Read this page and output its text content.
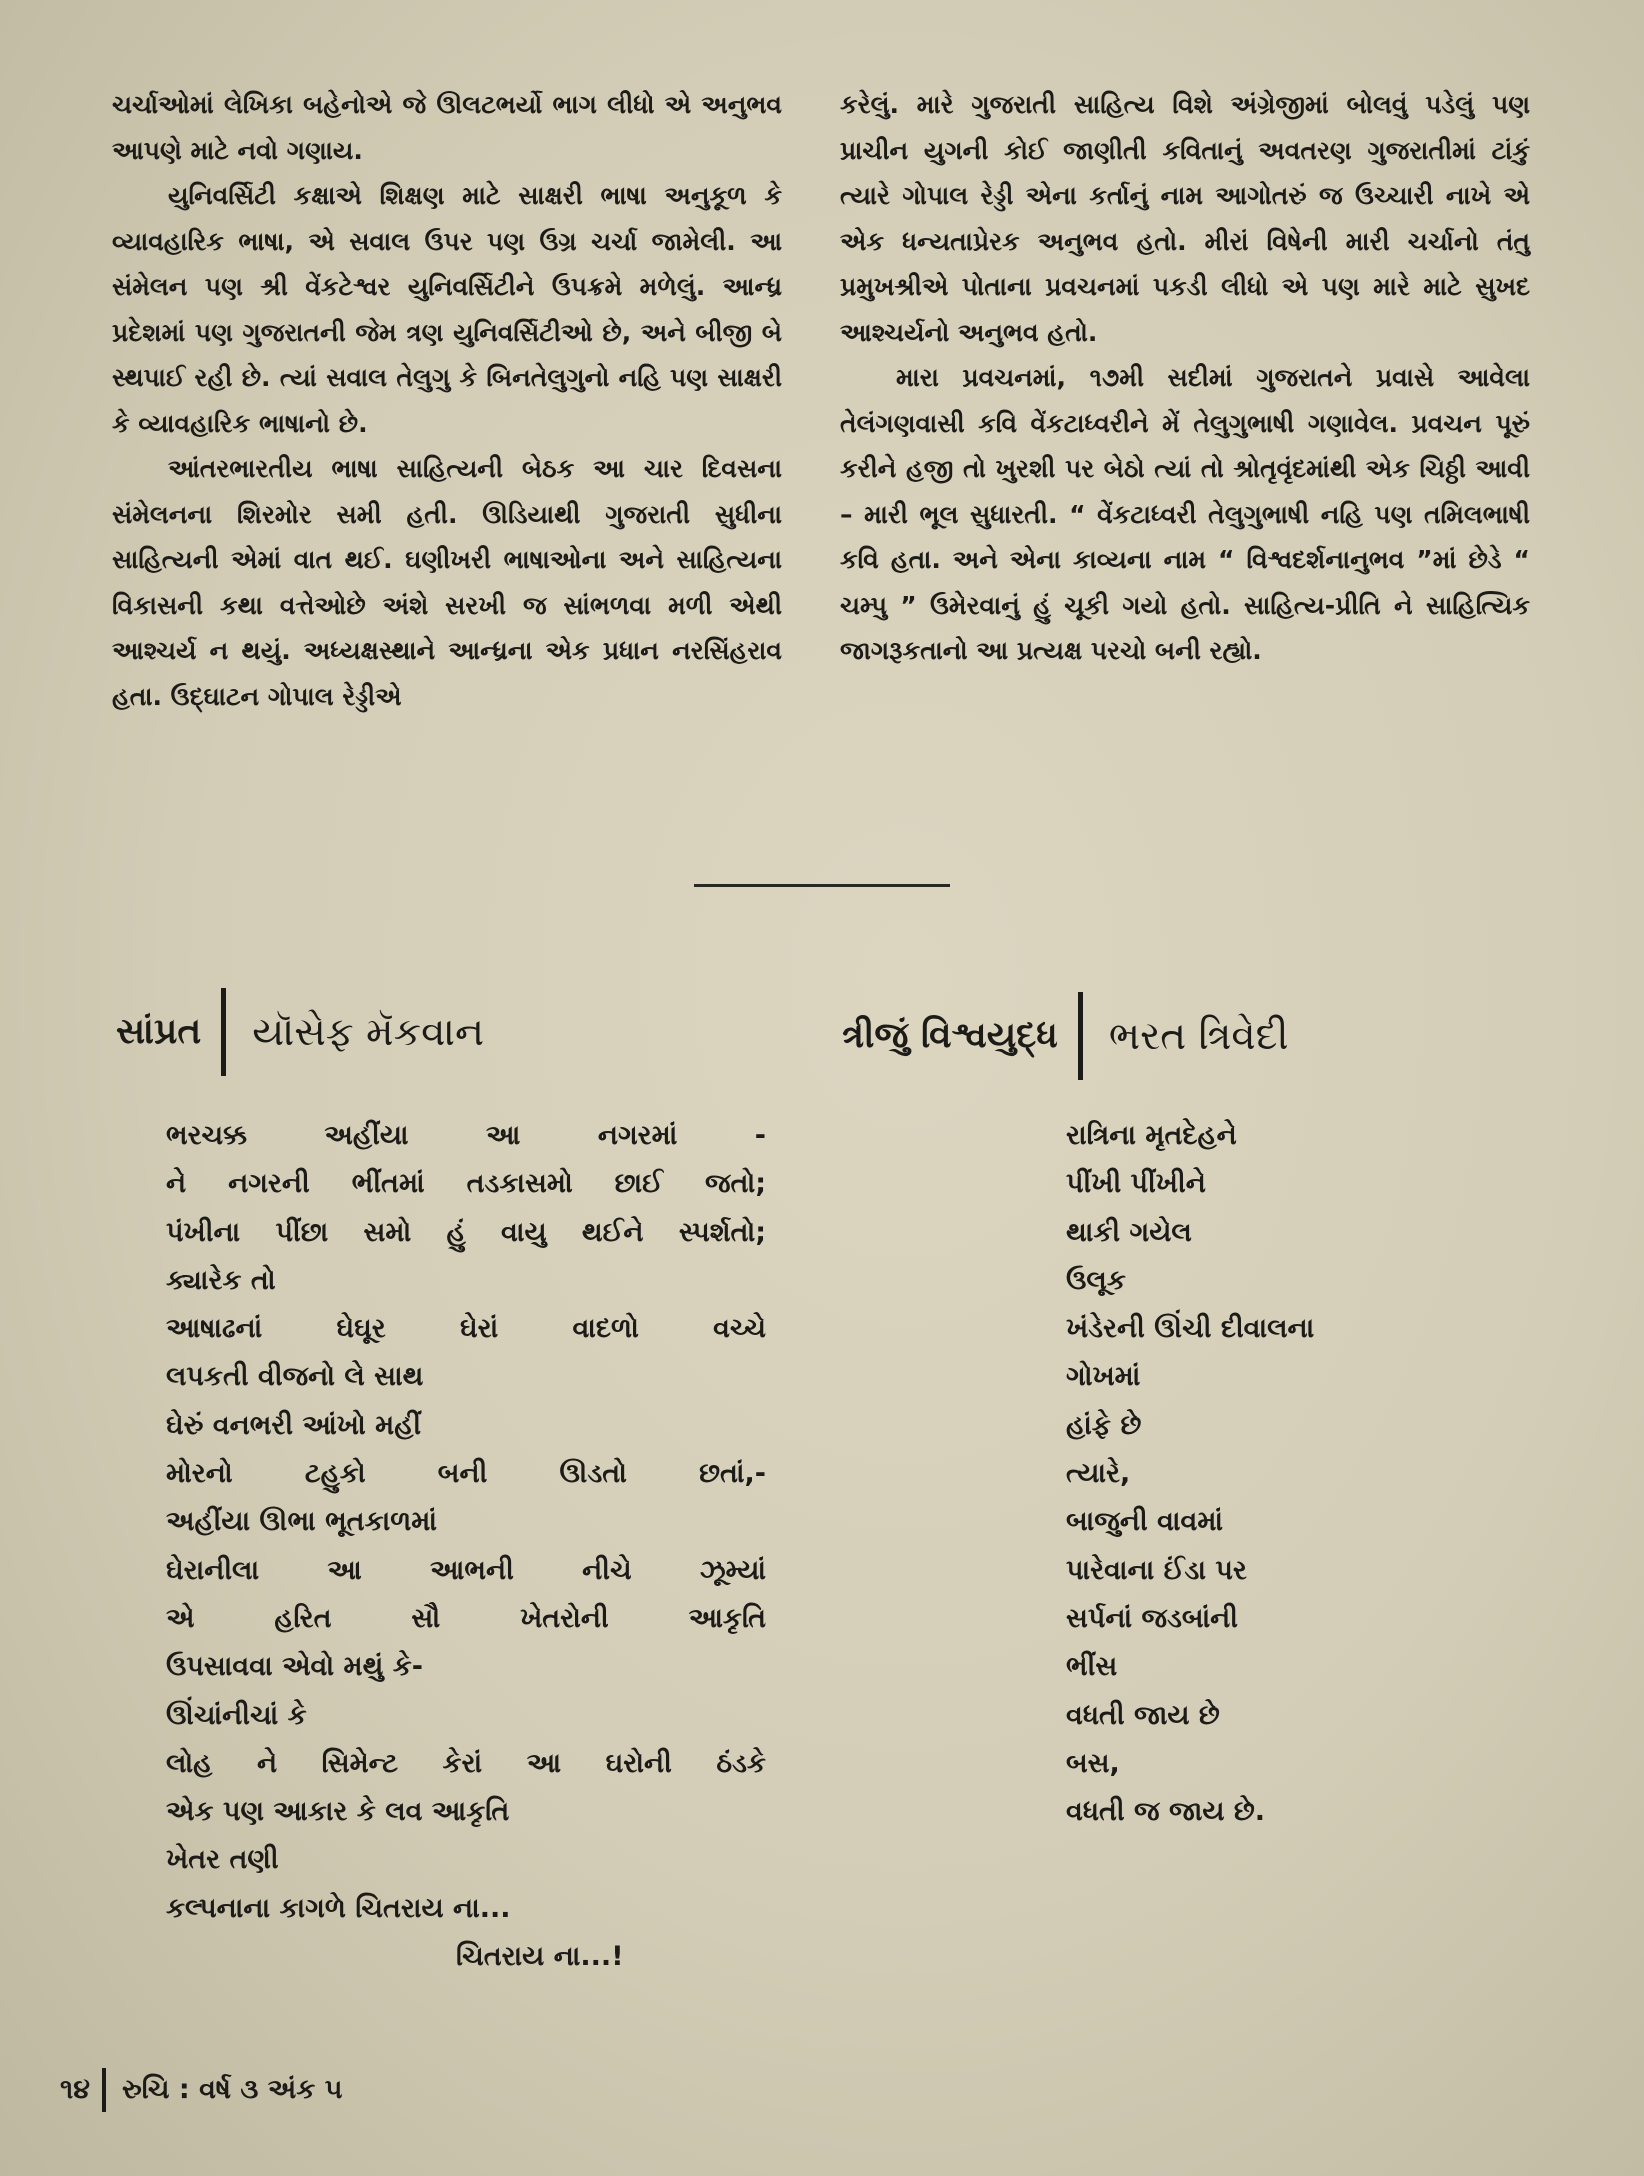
ચર્ચાઓમાં લેખિકા બહેનોએ જે ઊલટભર્યો ભાગ લીધો એ અનુભવ આપણે માટે નવો ગણાય.

યુનિવર્સિટી કક્ષાએ શિક્ષણ માટે સાક્ષરી ભાષા અનુકૂળ કે વ્યાવહારિક ભાષા, એ સવાલ ઉપર પણ ઉગ્ર ચર્ચા જામેલી. આ સંમેલન પણ શ્રી વેંકટેશ્વર યુનિવર્સિટીને ઉપક્રમે મળેલું. આન્ધ્ર પ્રદેશમાં પણ ગુજરાતની જેમ ત્રણ યુનિવર્સિટીઓ છે, અને બીજી બે સ્થપાઈ રહી છે. ત્યાં સવાલ તેલુગુ કે બિનતેલુગુનો નહિ પણ સાક્ષરી કે વ્યાવહારિક ભાષાનો છે.

આંતરભારતીય ભાષા સાહિત્યની બેઠક આ ચાર દિવસના સંમેલનના શિરમોર સમી હતી. ઊડિયાથી ગુજરાતી સુધીના સાહિત્યની એમાં વાત થઈ. ઘણીખરી ભાષાઓના અને સાહિત્યના વિકાસની કથા વત્તેઓછે અંશે સરખી જ સાંભળવા મળી એથી આશ્ચર્ય ન થયું. અધ્યક્ષસ્થાને આન્ધ્રના એક પ્રધાન નરસિંહરાવ હતા. ઉદ્‌ઘાટન ગોપાલ રેડ્ડીએ

કરેલું. મારે ગુજરાતી સાહિત્ય વિશે અંગ્રેજીમાં બોલવું પડેલું પણ પ્રાચીન યુગની કોઈ જાણીતી કવિતાનું અવતરણ ગુજરાતીમાં ટાંકું ત્યારે ગોપાલ રેડ્ડી એના કર્તાનું નામ આગોતરું જ ઉચ્ચારી નાખે એ એક ધન્યતાપ્રેરક અનુભવ હતો. મીરાં વિષેની મારી ચર્ચાનો તંતુ પ્રમુખશ્રીએ પોતાના પ્રવચનમાં પકડી લીધો એ પણ મારે માટે સુખદ આશ્ચર્યનો અનુભવ હતો.

મારા પ્રવચનમાં, ૧૭મી સદીમાં ગુજરાતને પ્રવાસે આવેલા તેલંગણવાસી કવિ વેંકટાધ્વરીને મેં તેલુગુભાષી ગણાવેલ. પ્રવચન પૂરું કરીને હજી તો ખુરશી પર બેઠો ત્યાં તો શ્રોતૃવૃંદમાંથી એક ચિઠ્ઠી આવી – મારી ભૂલ સુધારતી. “ વેંકટાધ્વરી તેલુગુભાષી નહિ પણ તમિલભાષી કવિ હતા. અને એના કાવ્યના નામ “ વિશ્વદર્શનાનુભવ ”માં છેડે “ ચમ્પુ ” ઉમેરવાનું હું ચૂકી ગયો હતો. સાહિત્ય-પ્રીતિ ને સાહિત્યિક જાગરૂકતાનો આ પ્રત્યક્ષ પરચો બની રહ્યો.

સાંપ્રત યૉસેફ મૅકવાન	ત્રીજું વિશ્વયુદ્ધ ભરત ત્રિવેદી
ભરચક્ક અહીંયા આ નગરમાં -
ને નગરની ભીંતમાં તડકાસમો છાઈ જતો;
પંખીના પીંછા સમો હું વાયુ થઈને સ્પર્શતો;
ક્યારેક તો
આષાઢનાં ઘેઘૂર ઘેરાં વાદળો વચ્ચે
લપકતી વીજનો લે સાથ
ઘેરું વનભરી આંખો મહીં
મોરનો ટહુકો બની ઊડતો છતાં,-
અહીંયા ઊભા ભૂતકાળમાં
ઘેરાનીલા આ આભની નીચે ઝૂમ્યાં
એ હરિત સૌ ખેતરોની આકૃતિ
ઉપસાવવા એવો મથું કે-
ઊંચાંનીચાં કે
લોહ ને સિમેન્ટ કેરાં આ ઘરોની ઠંડકે
એક પણ આકાર કે લવ આકૃતિ
ખેતર તણી
કલ્પનાના કાગળે ચિતરાય ના...
ચિતરાય ના...!
રાત્રિના મૃતદેહને
પીંખી પીંખીને
થાકી ગયેલ
ઉલૂક
ખંડેરની ઊંચી દીવાલના
ગોખમાં
હાંફે છે
ત્યારે,
બાજુની વાવમાં
પારેવાના ઈંડા પર
સર્પનાં જડબાંની
ભીંસ
વધતી જાય છે
બસ,
વધતી જ જાય છે.
૧૪ રુચિ : વર્ષ ૩ અંક ૫
